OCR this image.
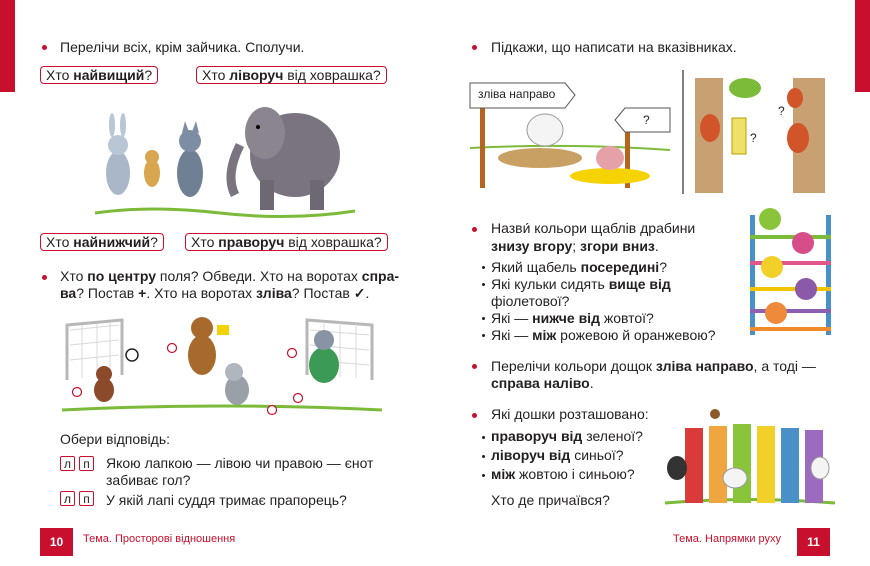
Перелічи всіх, крім зайчика. Сполучи.
Хто найвищий?	Хто ліворуч від ховрашка?
Хто найнижчий?	Хто праворуч від ховрашка?
Хто по центру поля? Обведи. Хто на воротах спра-
ва? Постав +. Хто на воротах зліва? Постав ✓.
Обери відповідь:
л	п	Якою лапкою — лівою чи правою — єнот
забиває гол?
л	п	У якій лапі суддя тримає прапорець?
10	Тема. Просторові відношення
Підкажи, що написати на вказівниках.
зліва направо
?
?
?
Назви́ кольори щаблів драбини
знизу вгору; згори вниз.
Який щабель посередині?
Які кульки сидять вище від
фіолетової?
Які — нижче від жовтої?
Які — між рожевою й оранжевою?
Перелічи кольори дощок зліва направо, а тоді —
справа наліво.
Які дошки розташовано:
праворуч від зеленої?
ліворуч від синьої?
між жовтою і синьою?
Хто де причаївся?
Тема. Напрямки руху	11
